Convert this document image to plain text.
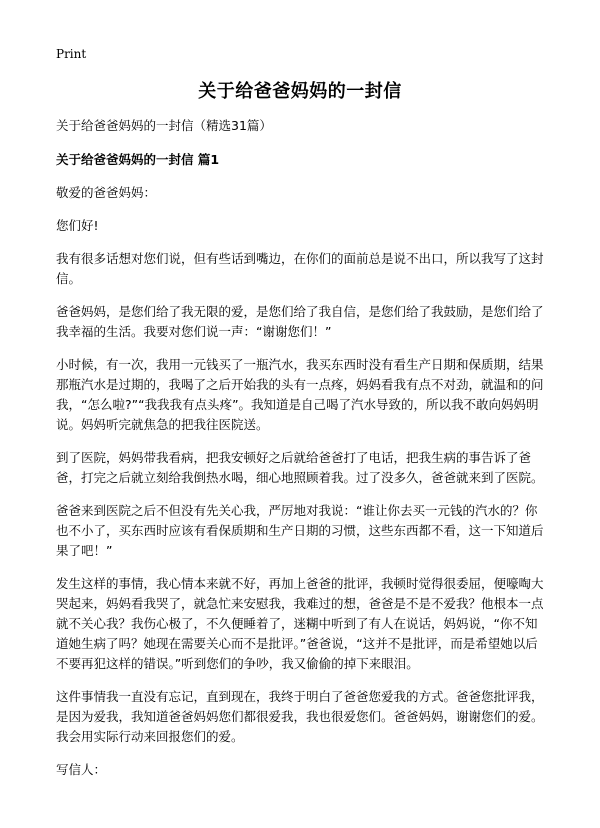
Print
关于给爸爸妈妈的一封信

关于给爸爸妈妈的一封信（精选31篇）

关于给爸爸妈妈的一封信 篇1

敬爱的爸爸妈妈：

您们好!

我有很多话想对您们说，但有些话到嘴边，在你们的面前总是说不出口，所以我写了这封信。

爸爸妈妈，是您们给了我无限的爱，是您们给了我自信，是您们给了我鼓励，是您们给了我幸福的生活。我要对您们说一声：“谢谢您们！”

小时候，有一次，我用一元钱买了一瓶汽水，我买东西时没有看生产日期和保质期，结果那瓶汽水是过期的，我喝了之后开始我的头有一点疼，妈妈看我有点不对劲，就温和的问我，“怎么啦?”“我我我有点头疼”。我知道是自己喝了汽水导致的，所以我不敢向妈妈明说。妈妈听完就焦急的把我往医院送。

到了医院，妈妈带我看病，把我安顿好之后就给爸爸打了电话，把我生病的事告诉了爸爸，打完之后就立刻给我倒热水喝，细心地照顾着我。过了没多久，爸爸就来到了医院。

爸爸来到医院之后不但没有先关心我，严厉地对我说：“谁让你去买一元钱的汽水的？你也不小了，买东西时应该有看保质期和生产日期的习惯，这些东西都不看，这一下知道后果了吧！”

发生这样的事情，我心情本来就不好，再加上爸爸的批评，我顿时觉得很委屈，便嚎啕大哭起来，妈妈看我哭了，就急忙来安慰我，我难过的想，爸爸是不是不爱我？他根本一点就不关心我？我伤心极了，不久便睡着了，迷糊中听到了有人在说话，妈妈说，“你不知道她生病了吗？她现在需要关心而不是批评。”爸爸说，“这并不是批评，而是希望她以后不要再犯这样的错误。”听到您们的争吵，我又偷偷的掉下来眼泪。

这件事情我一直没有忘记，直到现在，我终于明白了爸爸您爱我的方式。爸爸您批评我，是因为爱我，我知道爸爸妈妈您们都很爱我，我也很爱您们。爸爸妈妈，谢谢您们的爱。我会用实际行动来回报您们的爱。

写信人：
